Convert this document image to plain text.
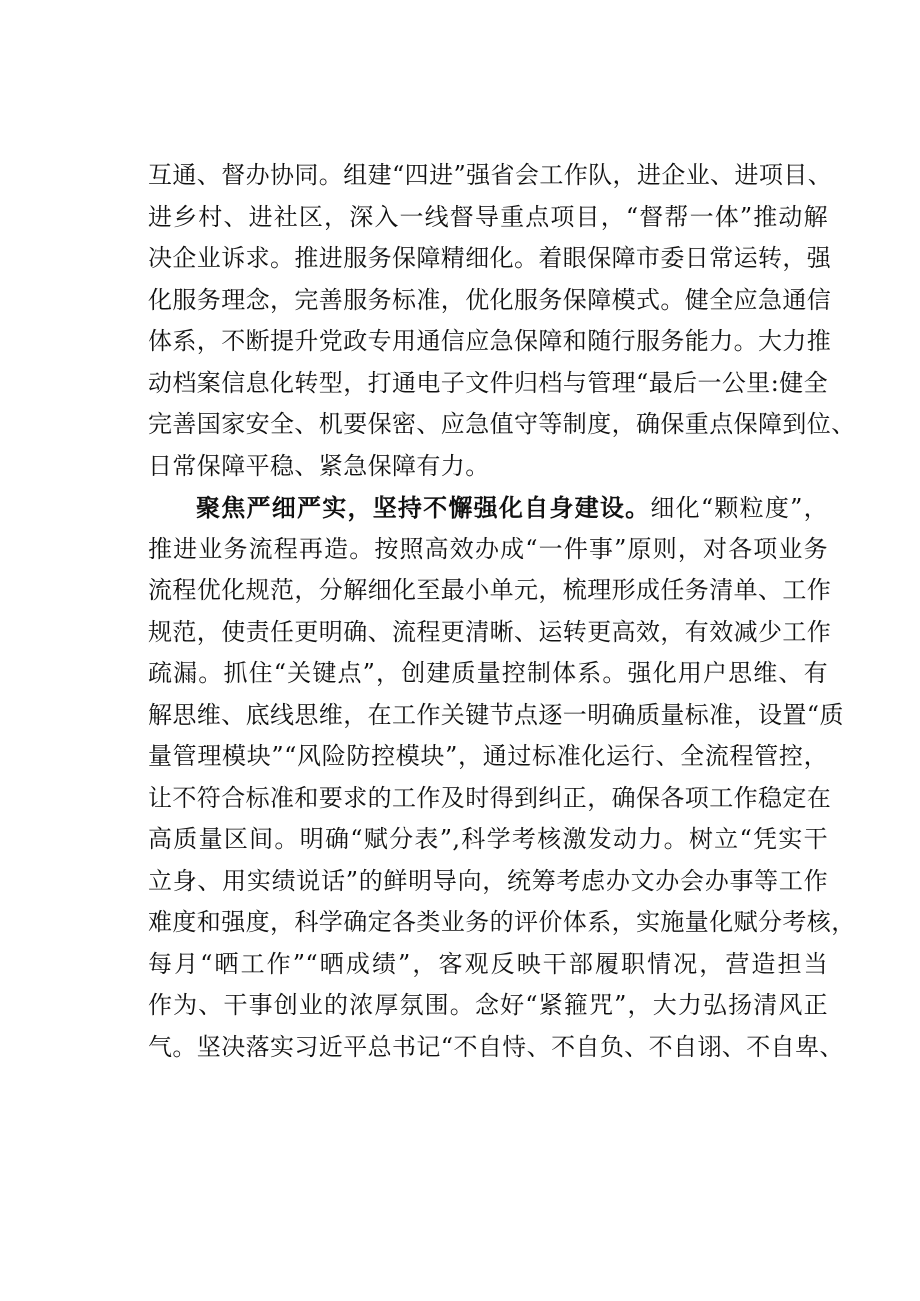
互通、督办协同。组建“四进”强省会工作队，进企业、进项目、
进乡村、进社区，深入一线督导重点项目，“督帮一体”推动解
决企业诉求。推进服务保障精细化。着眼保障市委日常运转，强
化服务理念，完善服务标准，优化服务保障模式。健全应急通信
体系，不断提升党政专用通信应急保障和随行服务能力。大力推
动档案信息化转型，打通电子文件归档与管理“最后一公里:健全
完善国家安全、机要保密、应急值守等制度，确保重点保障到位、
日常保障平稳、紧急保障有力。
聚焦严细严实，坚持不懈强化自身建设。细化“颗粒度”，
推进业务流程再造。按照高效办成“一件事”原则，对各项业务
流程优化规范，分解细化至最小单元，梳理形成任务清单、工作
规范，使责任更明确、流程更清晰、运转更高效，有效减少工作
疏漏。抓住“关键点”，创建质量控制体系。强化用户思维、有
解思维、底线思维，在工作关键节点逐一明确质量标准，设置“质
量管理模块”“风险防控模块”，通过标准化运行、全流程管控，
让不符合标准和要求的工作及时得到纠正，确保各项工作稳定在
高质量区间。明确“赋分表”,科学考核激发动力。树立“凭实干
立身、用实绩说话”的鲜明导向，统筹考虑办文办会办事等工作
难度和强度，科学确定各类业务的评价体系，实施量化赋分考核，
每月“晒工作”“晒成绩”，客观反映干部履职情况，营造担当
作为、干事创业的浓厚氛围。念好“紧箍咒”，大力弘扬清风正
气。坚决落实习近平总书记“不自恃、不自负、不自诩、不自卑、
